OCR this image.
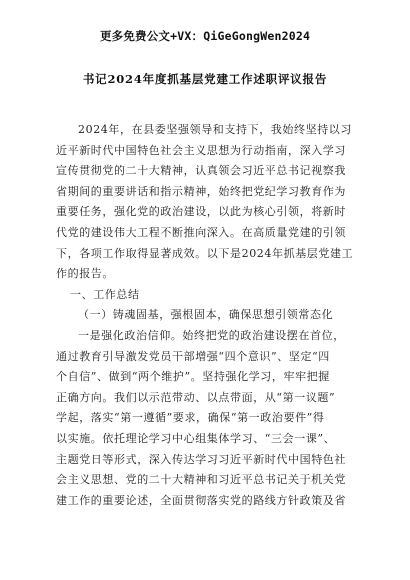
更多免费公文+VX：QiGeGongWen2024
书记2024年度抓基层党建工作述职评议报告
2024年，在县委坚强领导和支持下，我始终坚持以习
近平新时代中国特色社会主义思想为行动指南，深入学习
宣传贯彻党的二十大精神，认真领会习近平总书记视察我
省期间的重要讲话和指示精神，始终把党纪学习教育作为
重要任务，强化党的政治建设，以此为核心引领，将新时
代党的建设伟大工程不断推向深入。在高质量党建的引领
下，各项工作取得显著成效。以下是2024年抓基层党建工
作的报告。
一、工作总结
（一）铸魂固基，强根固本，确保思想引领常态化
一是强化政治信仰。始终把党的政治建设摆在首位，
通过教育引导激发党员干部增强“四个意识”、坚定“四
个自信”、做到“两个维护”。坚持强化学习，牢牢把握
正确方向。我们以示范带动、以点带面，从“第一议题”
学起，落实“第一遵循”要求，确保“第一政治要件”得
以实施。依托理论学习中心组集体学习、“三会一课”、
主题党日等形式，深入传达学习习近平新时代中国特色社
会主义思想、党的二十大精神和习近平总书记关于机关党
建工作的重要论述，全面贯彻落实党的路线方针政策及省
